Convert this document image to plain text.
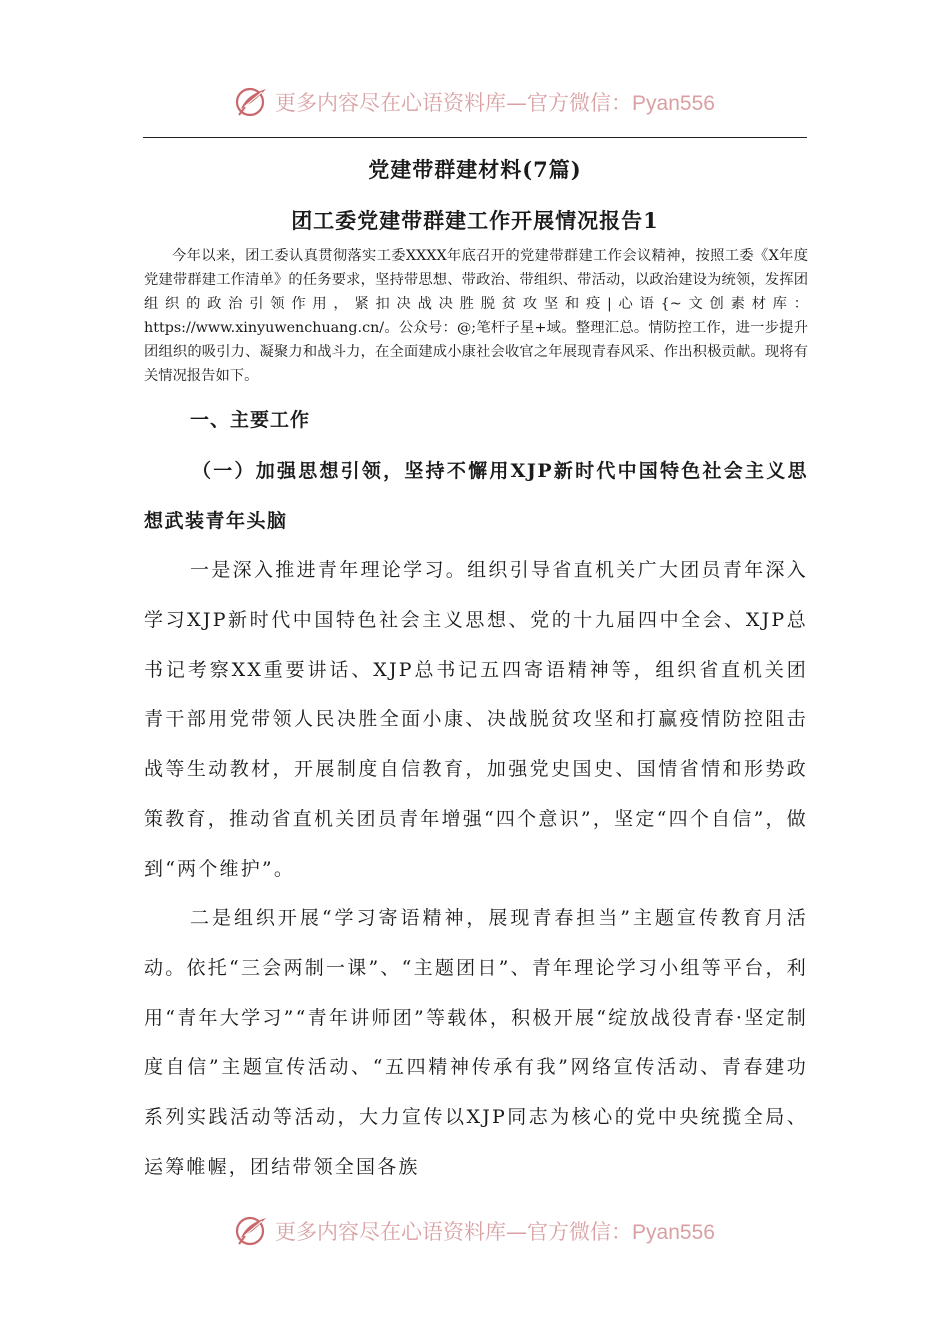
更多内容尽在心语资料库—官方微信：Pyan556
党建带群建材料(7篇)
团工委党建带群建工作开展情况报告1

今年以来，团工委认真贯彻落实工委XXXX年底召开的党建带群建工作会议精神，按照工委《X年度党建带群建工作清单》的任务要求，坚持带思想、带政治、带组织、带活动，以政治建设为统领，发挥团组织的政治引领作用，紧扣决战决胜脱贫攻坚和疫|心语{~文创素材库：https://www.xinyuwenchuang.cn/。公众号：@;笔杆子星+域。整理汇总。情防控工作，进一步提升团组织的吸引力、凝聚力和战斗力，在全面建成小康社会收官之年展现青春风采、作出积极贡献。现将有关情况报告如下。

一、主要工作

（一）加强思想引领，坚持不懈用XJP新时代中国特色社会主义思想武装青年头脑

一是深入推进青年理论学习。组织引导省直机关广大团员青年深入学习XJP新时代中国特色社会主义思想、党的十九届四中全会、XJP总书记考察XX重要讲话、XJP总书记五四寄语精神等，组织省直机关团青干部用党带领人民决胜全面小康、决战脱贫攻坚和打赢疫情防控阻击战等生动教材，开展制度自信教育，加强党史国史、国情省情和形势政策教育，推动省直机关团员青年增强“四个意识”，坚定“四个自信”，做到“两个维护”。

二是组织开展“学习寄语精神，展现青春担当”主题宣传教育月活动。依托“三会两制一课”、“主题团日”、青年理论学习小组等平台，利用“青年大学习”“青年讲师团”等载体，积极开展“绽放战役青春·坚定制度自信”主题宣传活动、“五四精神传承有我”网络宣传活动、青春建功系列实践活动等活动，大力宣传以XJP同志为核心的党中央统揽全局、运筹帷幄，团结带领全国各族

更多内容尽在心语资料库—官方微信：Pyan556
